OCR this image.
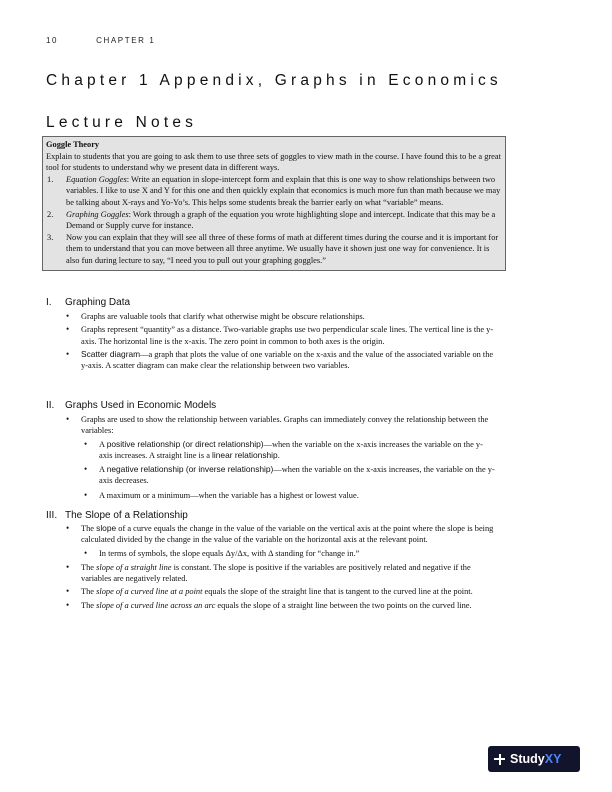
10	CHAPTER 1
Chapter 1 Appendix, Graphs in Economics
Lecture Notes
Goggle Theory
Explain to students that you are going to ask them to use three sets of goggles to view math in the course. I have found this to be a great tool for students to understand why we present data in different ways.
1. Equation Goggles: Write an equation in slope-intercept form and explain that this is one way to show relationships between two variables. I like to use X and Y for this one and then quickly explain that economics is much more fun than math because we may be talking about X-rays and Yo-Yo’s. This helps some students break the barrier early on what “variable” means.
2. Graphing Goggles: Work through a graph of the equation you wrote highlighting slope and intercept. Indicate that this may be a Demand or Supply curve for instance.
3. Now you can explain that they will see all three of these forms of math at different times during the course and it is important for them to understand that you can move between all three anytime. We usually have it shown just one way for convenience. It is also fun during lecture to say, “I need you to pull out your graphing goggles.”
I. Graphing Data
• Graphs are valuable tools that clarify what otherwise might be obscure relationships.
• Graphs represent “quantity” as a distance. Two-variable graphs use two perpendicular scale lines. The vertical line is the y-axis. The horizontal line is the x-axis. The zero point in common to both axes is the origin.
• Scatter diagram—a graph that plots the value of one variable on the x-axis and the value of the associated variable on the y-axis. A scatter diagram can make clear the relationship between two variables.
II. Graphs Used in Economic Models
• Graphs are used to show the relationship between variables. Graphs can immediately convey the relationship between the variables:
• A positive relationship (or direct relationship)—when the variable on the x-axis increases the variable on the y-axis increases. A straight line is a linear relationship.
• A negative relationship (or inverse relationship)—when the variable on the x-axis increases, the variable on the y-axis decreases.
• A maximum or a minimum—when the variable has a highest or lowest value.
III. The Slope of a Relationship
• The slope of a curve equals the change in the value of the variable on the vertical axis at the point where the slope is being calculated divided by the change in the value of the variable on the horizontal axis at the relevant point.
• In terms of symbols, the slope equals Δy/Δx, with Δ standing for “change in.”
• The slope of a straight line is constant. The slope is positive if the variables are positively related and negative if the variables are negatively related.
• The slope of a curved line at a point equals the slope of the straight line that is tangent to the curved line at the point.
• The slope of a curved line across an arc equals the slope of a straight line between the two points on the curved line.
StudyXY
